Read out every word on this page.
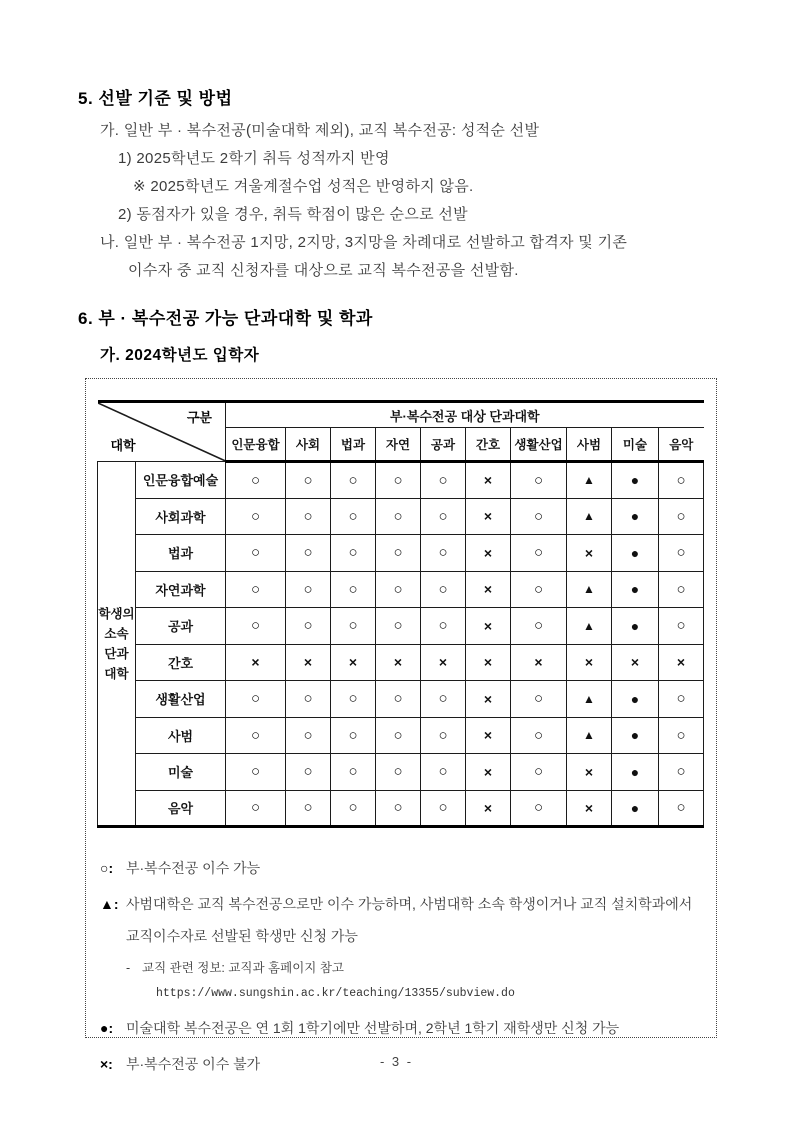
5. 선발 기준 및 방법
가. 일반 부 · 복수전공(미술대학 제외), 교직 복수전공: 성적순 선발
1) 2025학년도 2학기 취득 성적까지 반영
※ 2025학년도 겨울계절수업 성적은 반영하지 않음.
2) 동점자가 있을 경우, 취득 학점이 많은 순으로 선발
나. 일반 부 · 복수전공 1지망, 2지망, 3지망을 차례대로 선발하고 합격자 및 기존
이수자 중 교직 신청자를 대상으로 교직 복수전공을 선발함.
6. 부 · 복수전공 가능 단과대학 및 학과
가. 2024학년도 입학자
구분
대학		부·복수전공 대상 단과대학									
		인문융합	사회	법과	자연	공과	간호	생활산업	사범	미술	음악

학생의
소속
단과
대학	인문융합예술	○	○	○	○	○	×	○	▲	●	○
	사회과학	○	○	○	○	○	×	○	▲	●	○
	법과	○	○	○	○	○	×	○	×	●	○
	자연과학	○	○	○	○	○	×	○	▲	●	○
	공과	○	○	○	○	○	×	○	▲	●	○
	간호	×	×	×	×	×	×	×	×	×	×
	생활산업	○	○	○	○	○	×	○	▲	●	○
	사범	○	○	○	○	○	×	○	▲	●	○
	미술	○	○	○	○	○	×	○	×	●	○
	음악	○	○	○	○	○	×	○	×	●	○
○: 부·복수전공 이수 가능
▲: 사범대학은 교직 복수전공으로만 이수 가능하며, 사범대학 소속 학생이거나 교직 설치학과에서 교직이수자로 선발된 학생만 신청 가능
- 교직 관련 정보: 교직과 홈페이지 참고https://www.sungshin.ac.kr/teaching/13355/subview.do
●: 미술대학 복수전공은 연 1회 1학기에만 선발하며, 2학년 1학기 재학생만 신청 가능
×: 부·복수전공 이수 불가	- 3 -
